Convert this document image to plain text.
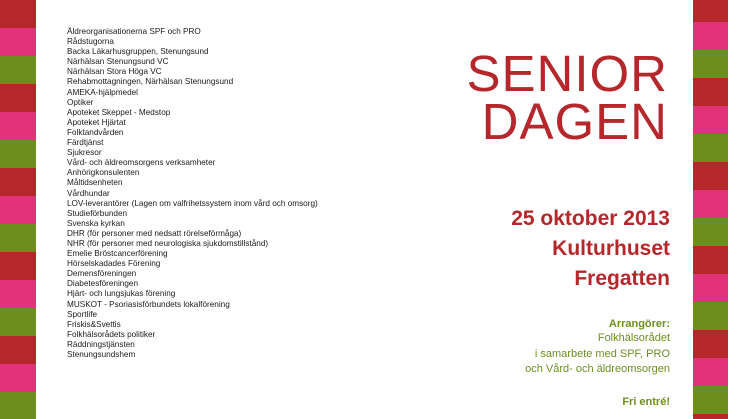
Äldreorganisationerna SPF och PRO
Rådstugorna
Backa Läkarhusgruppen, Stenungsund
Närhälsan Stenungsund VC
Närhälsan Stora Höga VC
Rehabmottagningen, Närhälsan Stenungsund
AMEKA-hjälpmedel
Optiker
Apoteket Skeppet - Medstop
Apoteket Hjärtat
Folktandvården
Färdtjänst
Sjukresor
Vård- och äldreomsorgens verksamheter
Anhörigkonsulenten
Måltidsenheten
Vårdhundar
LOV-leverantörer (Lagen om valfrihetssystem inom vård och omsorg)
Studieförbunden
Svenska kyrkan
DHR (för personer med nedsatt rörelseförmåga)
NHR (för personer med neurologiska sjukdomstillstånd)
Emelie Bröstcancerförening
Hörselskadades Förening
Demensföreningen
Diabetesföreningen
Hjärt- och lungsjukas förening
MUSKOT - Psoriasisförbundets lokalförening
Sportlife
Friskis&Svettis
Folkhälsorådets politiker
Räddningstjänsten
Stenungsundshem
SENIOR
DAGEN
25 oktober 2013
Kulturhuset
Fregatten
Arrangörer:
Folkhälsorådet
i samarbete med SPF, PRO
och Vård- och äldreomsorgen
Fri entré!
